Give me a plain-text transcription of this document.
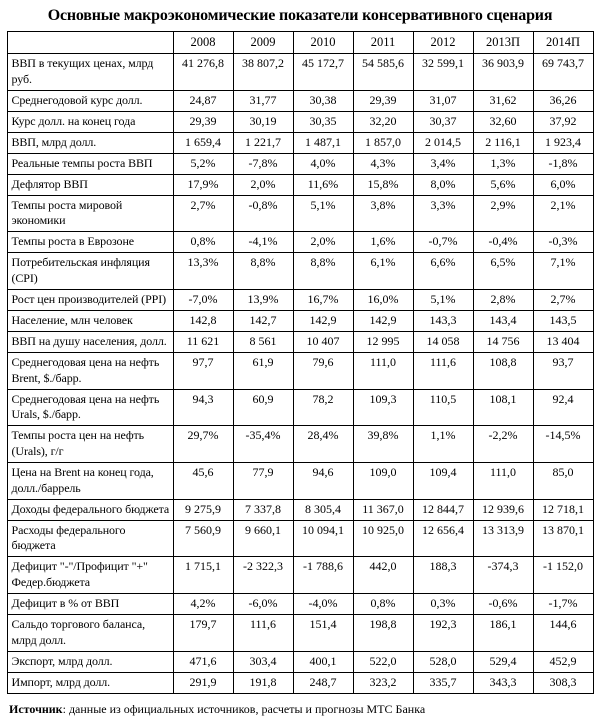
Основные макроэкономические показатели консервативного сценария
	2008	2009	2010	2011	2012	2013П	2014П
ВВП в текущих ценах, млрд руб.	41 276,8	38 807,2	45 172,7	54 585,6	32 599,1	36 903,9	69 743,7
Среднегодовой курс долл.	24,87	31,77	30,38	29,39	31,07	31,62	36,26
Курс долл. на конец года	29,39	30,19	30,35	32,20	30,37	32,60	37,92
ВВП, млрд долл.	1 659,4	1 221,7	1 487,1	1 857,0	2 014,5	2 116,1	1 923,4
Реальные темпы роста ВВП	5,2%	-7,8%	4,0%	4,3%	3,4%	1,3%	-1,8%
Дефлятор ВВП	17,9%	2,0%	11,6%	15,8%	8,0%	5,6%	6,0%
Темпы роста мировой экономики	2,7%	-0,8%	5,1%	3,8%	3,3%	2,9%	2,1%
Темпы роста в Еврозоне	0,8%	-4,1%	2,0%	1,6%	-0,7%	-0,4%	-0,3%
Потребительская инфляция (CPI)	13,3%	8,8%	8,8%	6,1%	6,6%	6,5%	7,1%
Рост цен производителей (PPI)	-7,0%	13,9%	16,7%	16,0%	5,1%	2,8%	2,7%
Население, млн человек	142,8	142,7	142,9	142,9	143,3	143,4	143,5
ВВП на душу населения, долл.	11 621	8 561	10 407	12 995	14 058	14 756	13 404
Среднегодовая цена на нефть Brent, $./барр.	97,7	61,9	79,6	111,0	111,6	108,8	93,7
Среднегодовая цена на нефть Urals, $./барр.	94,3	60,9	78,2	109,3	110,5	108,1	92,4
Темпы роста цен на нефть (Urals), г/г	29,7%	-35,4%	28,4%	39,8%	1,1%	-2,2%	-14,5%
Цена на Brent на конец года, долл./баррель	45,6	77,9	94,6	109,0	109,4	111,0	85,0
Доходы федерального бюджета	9 275,9	7 337,8	8 305,4	11 367,0	12 844,7	12 939,6	12 718,1
Расходы федерального бюджета	7 560,9	9 660,1	10 094,1	10 925,0	12 656,4	13 313,9	13 870,1
Дефицит "-"/Профицит "+" Федер.бюджета	1 715,1	-2 322,3	-1 788,6	442,0	188,3	-374,3	-1 152,0
Дефицит в % от ВВП	4,2%	-6,0%	-4,0%	0,8%	0,3%	-0,6%	-1,7%
Сальдо торгового баланса, млрд долл.	179,7	111,6	151,4	198,8	192,3	186,1	144,6
Экспорт, млрд долл.	471,6	303,4	400,1	522,0	528,0	529,4	452,9
Импорт, млрд долл.	291,9	191,8	248,7	323,2	335,7	343,3	308,3

Источник: данные из официальных источников, расчеты и прогнозы МТС Банка
